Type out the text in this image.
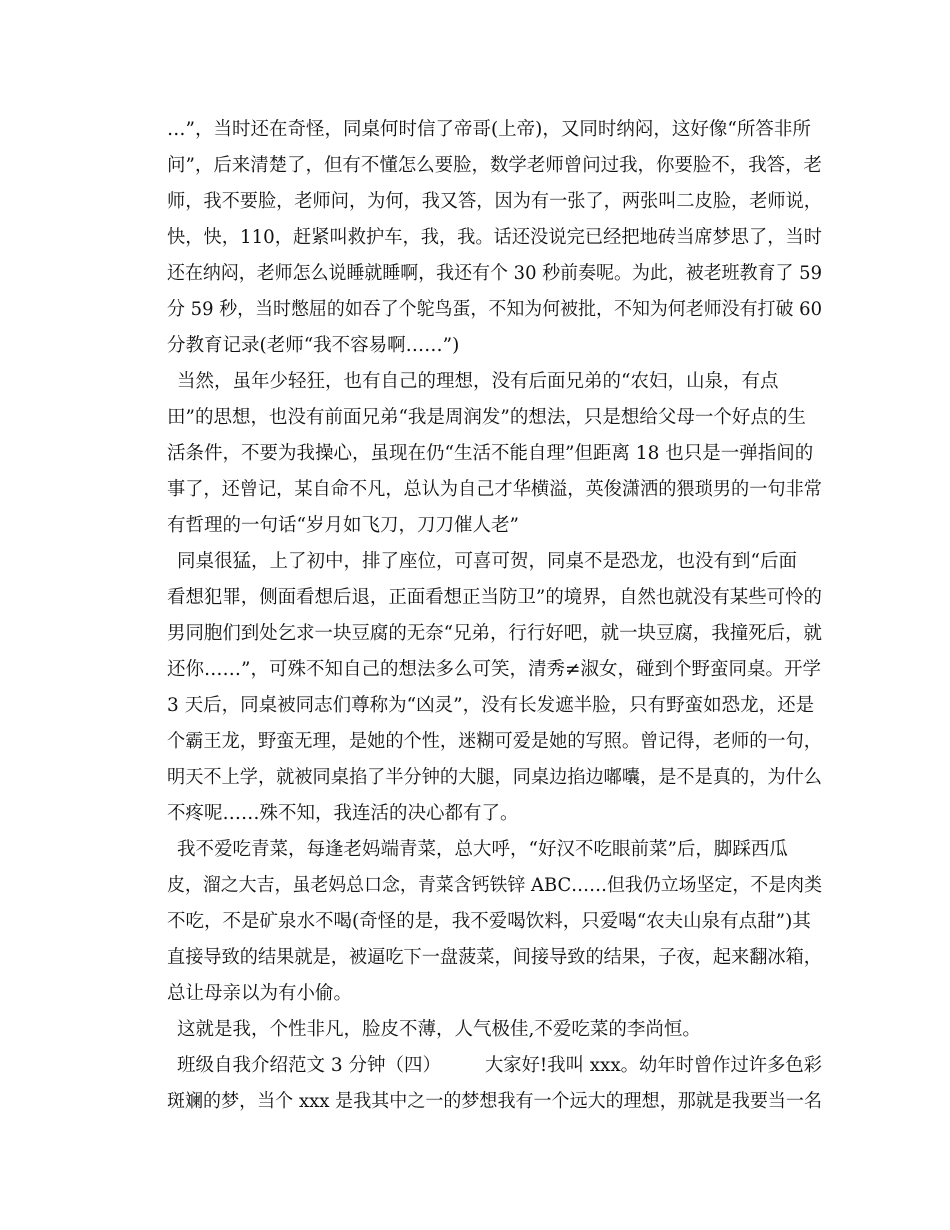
…”，当时还在奇怪，同桌何时信了帝哥(上帝)，又同时纳闷，这好像“所答非所
问”，后来清楚了，但有不懂怎么要脸，数学老师曾问过我，你要脸不，我答，老
师，我不要脸，老师问，为何，我又答，因为有一张了，两张叫二皮脸，老师说，
快，快，110，赶紧叫救护车，我，我。话还没说完已经把地砖当席梦思了，当时
还在纳闷，老师怎么说睡就睡啊，我还有个 30 秒前奏呢。为此，被老班教育了 59
分 59 秒，当时憋屈的如吞了个鸵鸟蛋，不知为何被批，不知为何老师没有打破 60
分教育记录(老师“我不容易啊……”)
当然，虽年少轻狂，也有自己的理想，没有后面兄弟的“农妇，山泉，有点
田”的思想，也没有前面兄弟“我是周润发”的想法，只是想给父母一个好点的生
活条件，不要为我操心，虽现在仍“生活不能自理”但距离 18 也只是一弹指间的
事了，还曾记，某自命不凡，总认为自己才华横溢，英俊潇洒的猥琐男的一句非常
有哲理的一句话“岁月如飞刀，刀刀催人老”
同桌很猛，上了初中，排了座位，可喜可贺，同桌不是恐龙，也没有到“后面
看想犯罪，侧面看想后退，正面看想正当防卫”的境界，自然也就没有某些可怜的
男同胞们到处乞求一块豆腐的无奈“兄弟，行行好吧，就一块豆腐，我撞死后，就
还你……”，可殊不知自己的想法多么可笑，清秀≠淑女，碰到个野蛮同桌。开学
3 天后，同桌被同志们尊称为“凶灵”，没有长发遮半脸，只有野蛮如恐龙，还是
个霸王龙，野蛮无理，是她的个性，迷糊可爱是她的写照。曾记得，老师的一句，
明天不上学，就被同桌掐了半分钟的大腿，同桌边掐边嘟囔，是不是真的，为什么
不疼呢……殊不知，我连活的决心都有了。
我不爱吃青菜，每逢老妈端青菜，总大呼，“好汉不吃眼前菜”后，脚踩西瓜
皮，溜之大吉，虽老妈总口念，青菜含钙铁锌 ABC……但我仍立场坚定，不是肉类
不吃，不是矿泉水不喝(奇怪的是，我不爱喝饮料，只爱喝“农夫山泉有点甜”)其
直接导致的结果就是，被逼吃下一盘菠菜，间接导致的结果，子夜，起来翻冰箱，
总让母亲以为有小偷。
这就是我，个性非凡，脸皮不薄，人气极佳,不爱吃菜的李尚恒。

班级自我介绍范文 3 分钟（四）

大家好!我叫 xxx。幼年时曾作过许多色彩

斑斓的梦，当个 xxx 是我其中之一的梦想我有一个远大的理想，那就是我要当一名
